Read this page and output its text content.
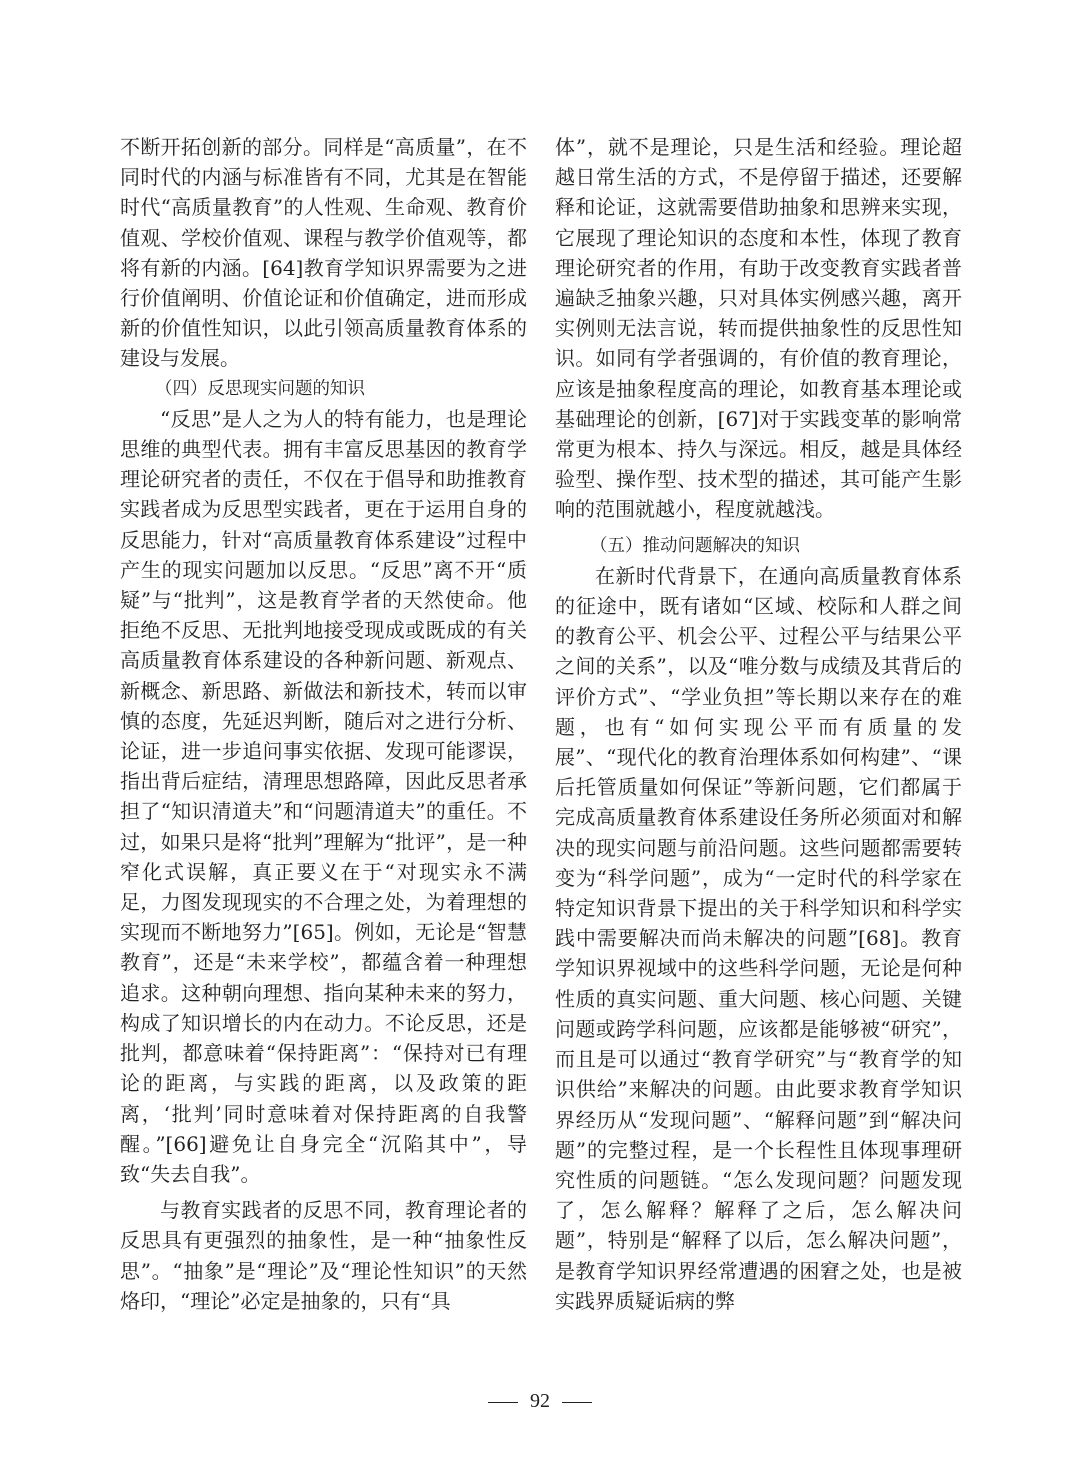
不断开拓创新的部分。同样是“高质量”，在不同时代的内涵与标准皆有不同，尤其是在智能时代“高质量教育”的人性观、生命观、教育价值观、学校价值观、课程与教学价值观等，都将有新的内涵。[64]教育学知识界需要为之进行价值阐明、价值论证和价值确定，进而形成新的价值性知识，以此引领高质量教育体系的建设与发展。

（四）反思现实问题的知识

“反思”是人之为人的特有能力，也是理论思维的典型代表。拥有丰富反思基因的教育学理论研究者的责任，不仅在于倡导和助推教育实践者成为反思型实践者，更在于运用自身的反思能力，针对“高质量教育体系建设”过程中产生的现实问题加以反思。“反思”离不开“质疑”与“批判”，这是教育学者的天然使命。他拒绝不反思、无批判地接受现成或既成的有关高质量教育体系建设的各种新问题、新观点、新概念、新思路、新做法和新技术，转而以审慎的态度，先延迟判断，随后对之进行分析、论证，进一步追问事实依据、发现可能谬误，指出背后症结，清理思想路障，因此反思者承担了“知识清道夫”和“问题清道夫”的重任。不过，如果只是将“批判”理解为“批评”，是一种窄化式误解，真正要义在于“对现实永不满足，力图发现现实的不合理之处，为着理想的实现而不断地努力”[65]。例如，无论是“智慧教育”，还是“未来学校”，都蕴含着一种理想追求。这种朝向理想、指向某种未来的努力，构成了知识增长的内在动力。不论反思，还是批判，都意味着“保持距离”：“保持对已有理论的距离，与实践的距离，以及政策的距离，‘批判’同时意味着对保持距离的自我警醒。”[66]避免让自身完全“沉陷其中”，导致“失去自我”。

与教育实践者的反思不同，教育理论者的反思具有更强烈的抽象性，是一种“抽象性反思”。“抽象”是“理论”及“理论性知识”的天然烙印，“理论”必定是抽象的，只有“具

体”，就不是理论，只是生活和经验。理论超越日常生活的方式，不是停留于描述，还要解释和论证，这就需要借助抽象和思辨来实现，它展现了理论知识的态度和本性，体现了教育理论研究者的作用，有助于改变教育实践者普遍缺乏抽象兴趣，只对具体实例感兴趣，离开实例则无法言说，转而提供抽象性的反思性知识。如同有学者强调的，有价值的教育理论，应该是抽象程度高的理论，如教育基本理论或基础理论的创新，[67]对于实践变革的影响常常更为根本、持久与深远。相反，越是具体经验型、操作型、技术型的描述，其可能产生影响的范围就越小，程度就越浅。

（五）推动问题解决的知识

在新时代背景下，在通向高质量教育体系的征途中，既有诸如“区域、校际和人群之间的教育公平、机会公平、过程公平与结果公平之间的关系”，以及“唯分数与成绩及其背后的评价方式”、“学业负担”等长期以来存在的难题，也有“如何实现公平而有质量的发展”、“现代化的教育治理体系如何构建”、“课后托管质量如何保证”等新问题，它们都属于完成高质量教育体系建设任务所必须面对和解决的现实问题与前沿问题。这些问题都需要转变为“科学问题”，成为“一定时代的科学家在特定知识背景下提出的关于科学知识和科学实践中需要解决而尚未解决的问题”[68]。教育学知识界视域中的这些科学问题，无论是何种性质的真实问题、重大问题、核心问题、关键问题或跨学科问题，应该都是能够被“研究”，而且是可以通过“教育学研究”与“教育学的知识供给”来解决的问题。由此要求教育学知识界经历从“发现问题”、“解释问题”到“解决问题”的完整过程，是一个长程性且体现事理研究性质的问题链。“怎么发现问题？问题发现了，怎么解释？解释了之后，怎么解决问题”，特别是“解释了以后，怎么解决问题”，是教育学知识界经常遭遇的困窘之处，也是被实践界质疑诟病的弊

92
